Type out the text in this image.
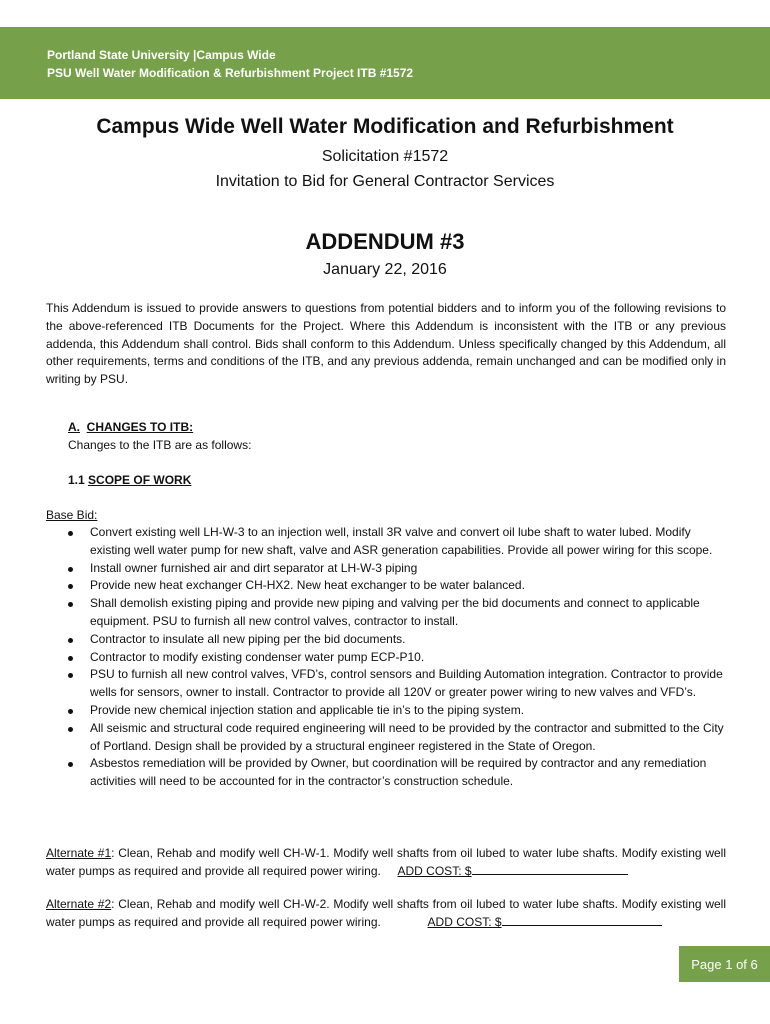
Portland State University |Campus Wide
PSU Well Water Modification & Refurbishment Project ITB #1572
Campus Wide Well Water Modification and Refurbishment
Solicitation #1572
Invitation to Bid for General Contractor Services
ADDENDUM #3
January 22, 2016
This Addendum is issued to provide answers to questions from potential bidders and to inform you of the following revisions to the above-referenced ITB Documents for the Project. Where this Addendum is inconsistent with the ITB or any previous addenda, this Addendum shall control. Bids shall conform to this Addendum. Unless specifically changed by this Addendum, all other requirements, terms and conditions of the ITB, and any previous addenda, remain unchanged and can be modified only in writing by PSU.
A. CHANGES TO ITB:
Changes to the ITB are as follows:
1.1 SCOPE OF WORK
Base Bid:
Convert existing well LH-W-3 to an injection well, install 3R valve and convert oil lube shaft to water lubed. Modify existing well water pump for new shaft, valve and ASR generation capabilities. Provide all power wiring for this scope.
Install owner furnished air and dirt separator at LH-W-3 piping
Provide new heat exchanger CH-HX2. New heat exchanger to be water balanced.
Shall demolish existing piping and provide new piping and valving per the bid documents and connect to applicable equipment. PSU to furnish all new control valves, contractor to install.
Contractor to insulate all new piping per the bid documents.
Contractor to modify existing condenser water pump ECP-P10.
PSU to furnish all new control valves, VFD’s, control sensors and Building Automation integration. Contractor to provide wells for sensors, owner to install. Contractor to provide all 120V or greater power wiring to new valves and VFD’s.
Provide new chemical injection station and applicable tie in’s to the piping system.
All seismic and structural code required engineering will need to be provided by the contractor and submitted to the City of Portland. Design shall be provided by a structural engineer registered in the State of Oregon.
Asbestos remediation will be provided by Owner, but coordination will be required by contractor and any remediation activities will need to be accounted for in the contractor’s construction schedule.
Alternate #1: Clean, Rehab and modify well CH-W-1. Modify well shafts from oil lubed to water lube shafts. Modify existing well water pumps as required and provide all required power wiring. ADD COST: $
Alternate #2: Clean, Rehab and modify well CH-W-2. Modify well shafts from oil lubed to water lube shafts. Modify existing well water pumps as required and provide all required power wiring.	ADD COST: $
Page 1 of 6
